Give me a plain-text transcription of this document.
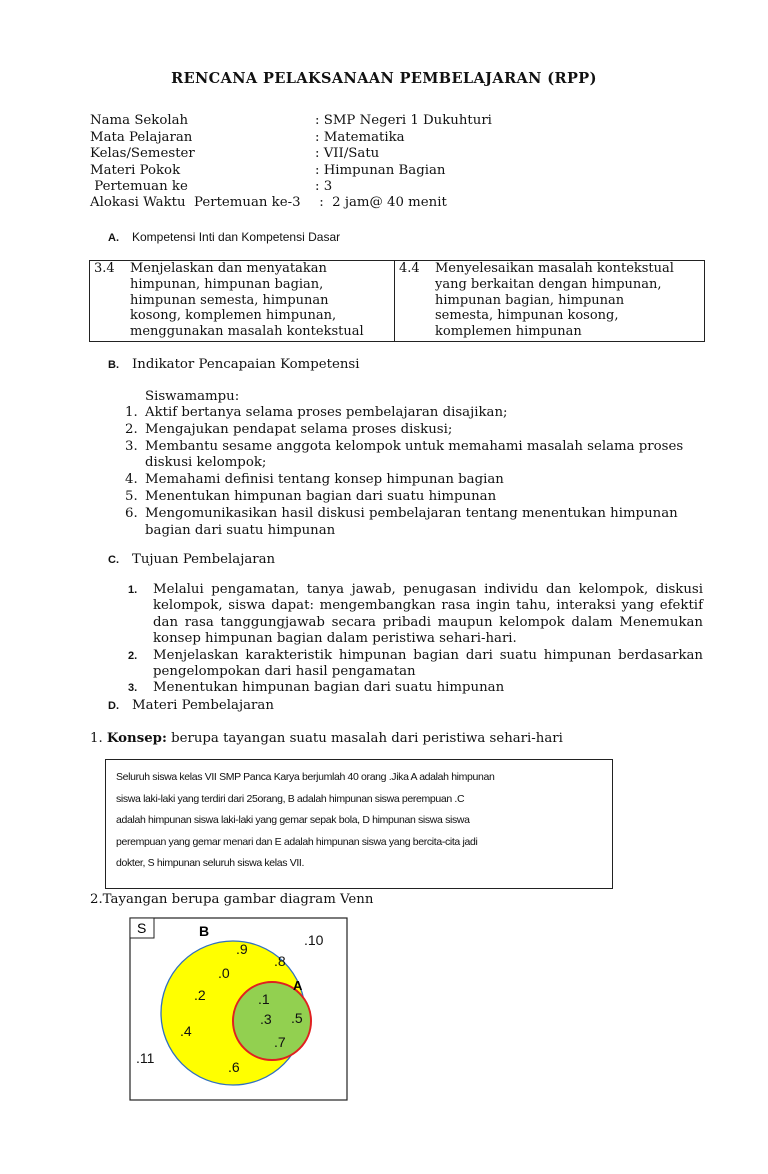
RENCANA PELAKSANAAN PEMBELAJARAN (RPP)
Nama Sekolah	: SMP Negeri 1 Dukuhturi
Mata Pelajaran	: Matematika
Kelas/Semester	: VII/Satu
Materi Pokok	: Himpunan Bagian
Pertemuan ke	: 3
Alokasi Waktu  Pertemuan ke-3 :  2 jam@ 40 menit
A. Kompetensi Inti dan Kompetensi Dasar
3.4 Menjelaskan dan menyatakan
himpunan, himpunan bagian,
himpunan semesta, himpunan
kosong, komplemen himpunan,
menggunakan masalah kontekstual

4.4 Menyelesaikan masalah kontekstual
yang berkaitan dengan himpunan,
himpunan bagian, himpunan
semesta, himpunan kosong,
komplemen himpunan
B. Indikator Pencapaian Kompetensi
Siswamampu:
1. Aktif bertanya selama proses pembelajaran disajikan;
2. Mengajukan pendapat selama proses diskusi;
3. Membantu sesame anggota kelompok untuk memahami masalah selama proses diskusi kelompok;
4. Memahami definisi tentang konsep himpunan bagian
5. Menentukan himpunan bagian dari suatu himpunan
6. Mengomunikasikan hasil diskusi pembelajaran tentang menentukan himpunan bagian dari suatu himpunan
C. Tujuan Pembelajaran
1. Melalui pengamatan, tanya jawab, penugasan individu dan kelompok, diskusi kelompok, siswa dapat: mengembangkan rasa ingin tahu, interaksi yang efektif dan rasa tanggungjawab secara pribadi maupun kelompok dalam Menemukan konsep himpunan bagian dalam peristiwa sehari-hari.
2. Menjelaskan karakteristik himpunan bagian dari suatu himpunan berdasarkan pengelompokan dari hasil pengamatan
3. Menentukan himpunan bagian dari suatu himpunan
D. Materi Pembelajaran
1. Konsep: berupa tayangan suatu masalah dari peristiwa sehari-hari
Seluruh siswa kelas VII SMP Panca Karya berjumlah 40 orang .Jika A adalah himpunan
siswa laki-laki yang terdiri dari 25orang, B adalah himpunan siswa perempuan .C
adalah himpunan siswa laki-laki yang gemar sepak bola, D himpunan siswa siswa
perempuan yang gemar menari dan E adalah himpunan siswa yang bercita-cita jadi
dokter, S himpunan seluruh siswa kelas VII.
2.Tayangan berupa gambar diagram Venn
S	B
A
.10
.9
.8
.0
.2	.1
.3 .5
.4
.7
.6
.11
